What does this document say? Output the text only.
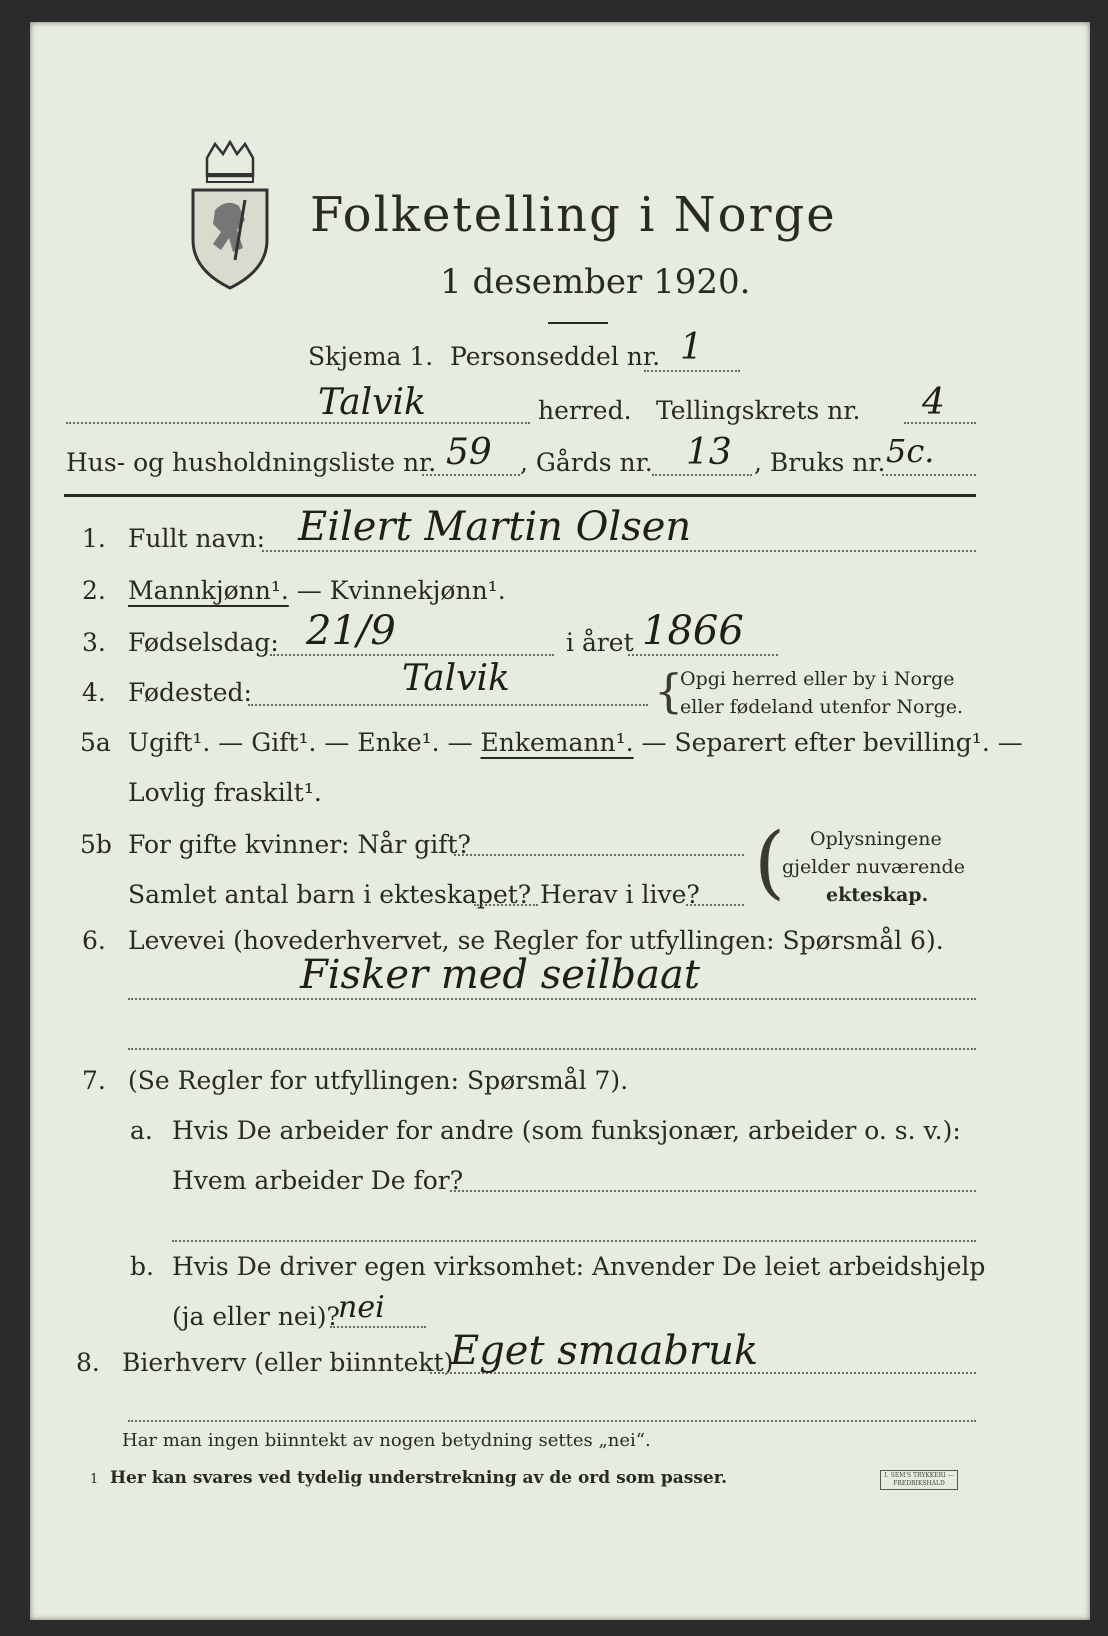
Folketelling i Norge
1 desember 1920.
Skjema 1. Personseddel nr. 1
Talvik	herred. Tellingskrets nr. 4
Hus- og husholdningsliste nr. 59 , Gårds nr. 13 , Bruks nr. 5c.
1. Fullt navn: Eilert Martin Olsen
2. Mannkjønn¹. — Kvinnekjønn¹.
3. Fødselsdag: 21/9	i året 1866
4. Fødested:	Talvik	{
Opgi herred eller by i Norge
eller fødeland utenfor Norge.
5a Ugift¹. — Gift¹. — Enke¹. — Enkemann¹. — Separert efter bevilling¹. —
Lovlig fraskilt¹.
5b For gifte kvinner: Når gift?
Samlet antal barn i ekteskapet? Herav i live? ( Oplysningene
gjelder nuværende
ekteskap.
6. Levevei (hovederhvervet, se Regler for utfyllingen: Spørsmål 6).
Fisker med seilbaat
7. (Se Regler for utfyllingen: Spørsmål 7).
a. Hvis De arbeider for andre (som funksjonær, arbeider o. s. v.):
Hvem arbeider De for?
b. Hvis De driver egen virksomhet: Anvender De leiet arbeidshjelp
(ja eller nei)?
nei
8. Bierhverv (eller biinntekt)
Eget smaabruk
Har man ingen biinntekt av nogen betydning settes „nei“.
1 Her kan svares ved tydelig understrekning av de ord som passer.	I. SEM'S TRYKKERI — FREDRIKSHALD
